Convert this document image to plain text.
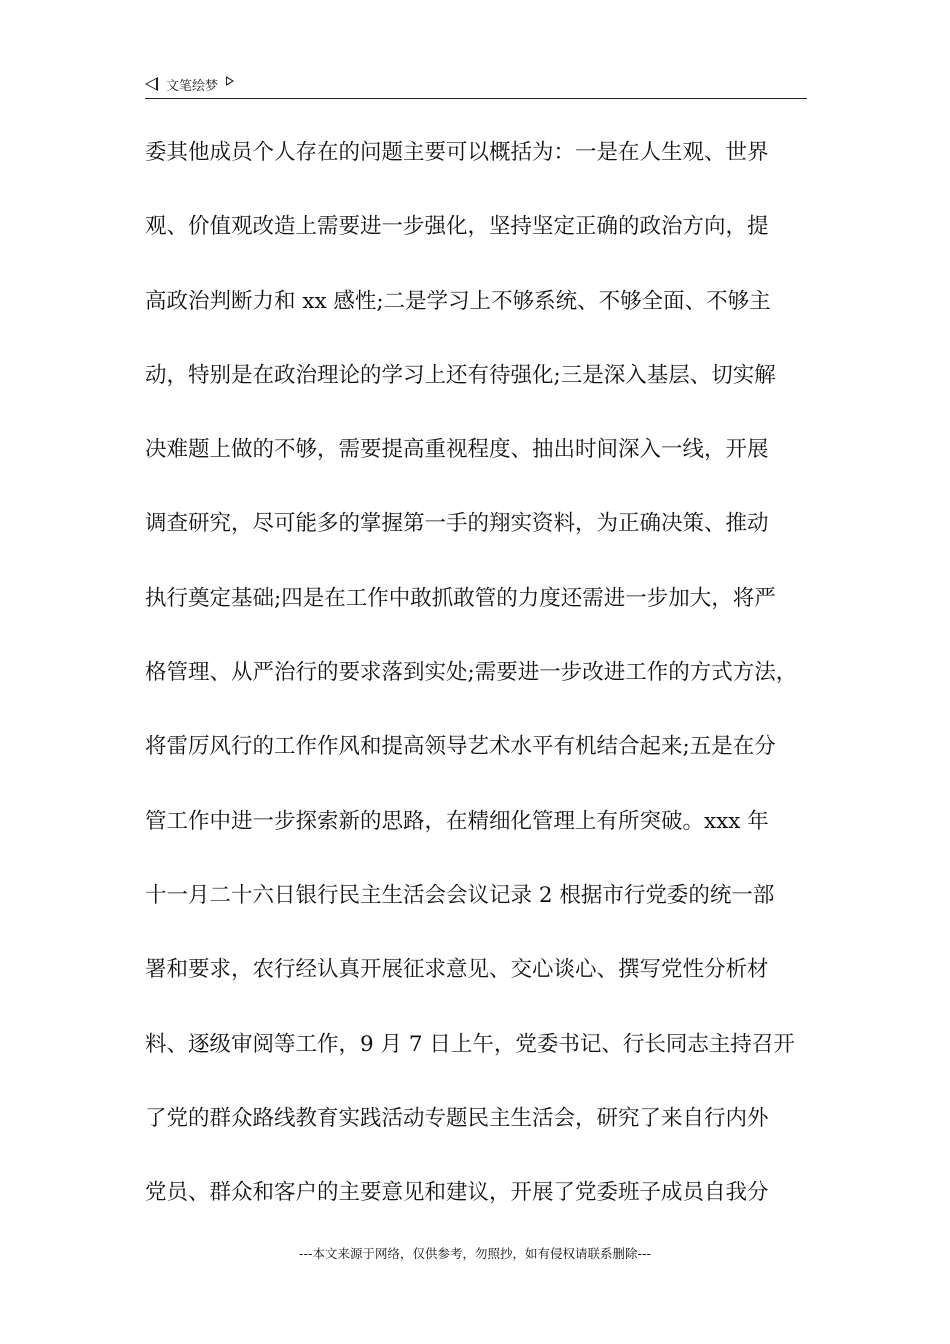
文笔绘梦
委其他成员个人存在的问题主要可以概括为：一是在人生观、世界
观、价值观改造上需要进一步强化，坚持坚定正确的政治方向，提
高政治判断力和 xx 感性;二是学习上不够系统、不够全面、不够主
动，特别是在政治理论的学习上还有待强化;三是深入基层、切实解
决难题上做的不够，需要提高重视程度、抽出时间深入一线，开展
调查研究，尽可能多的掌握第一手的翔实资料，为正确决策、推动
执行奠定基础;四是在工作中敢抓敢管的力度还需进一步加大，将严
格管理、从严治行的要求落到实处;需要进一步改进工作的方式方法，
将雷厉风行的工作作风和提高领导艺术水平有机结合起来;五是在分
管工作中进一步探索新的思路，在精细化管理上有所突破。xxx 年
十一月二十六日银行民主生活会会议记录 2 根据市行党委的统一部
署和要求，农行经认真开展征求意见、交心谈心、撰写党性分析材
料、逐级审阅等工作，9 月 7 日上午，党委书记、行长同志主持召开
了党的群众路线教育实践活动专题民主生活会，研究了来自行内外
党员、群众和客户的主要意见和建议，开展了党委班子成员自我分
---本文来源于网络，仅供参考，勿照抄，如有侵权请联系删除---
